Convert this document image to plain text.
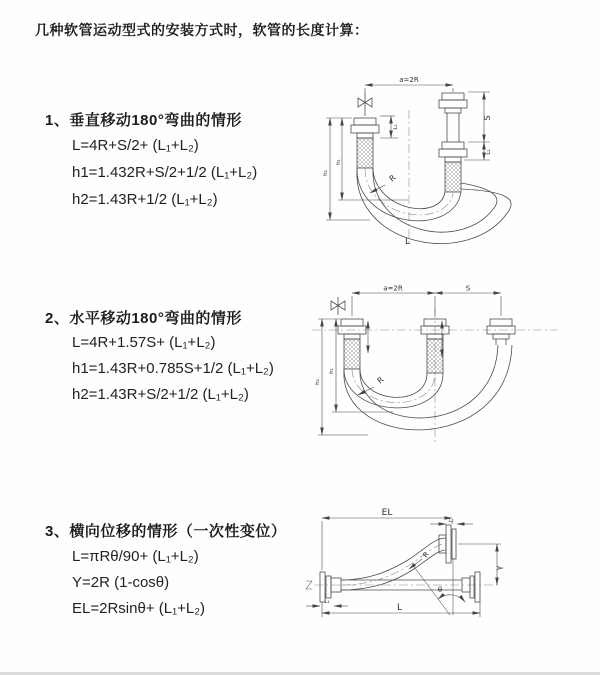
几种软管运动型式的安装方式时，软管的长度计算：
1、垂直移动180°弯曲的情形
L=4R+S/2+ (L₁+L₂)
h1=1.432R+S/2+1/2 (L₁+L₂)
h2=1.43R+1/2 (L₁+L₂)
2、水平移动180°弯曲的情形
L=4R+1.57S+ (L₁+L₂)
h1=1.43R+0.785S+1/2 (L₁+L₂)
h2=1.43R+S/2+1/2 (L₁+L₂)
3、横向位移的情形（一次性变位）
L=πRθ/90+ (L₁+L₂)
Y=2R (1-cosθ)
EL=2Rsinθ+ (L₁+L₂)
a=2R
h₂
h₁
L₁
S
L₂
R
L
a=2R	S
h₂
h₁
R
EL
L₂
Y
L
L₁
R
θ
